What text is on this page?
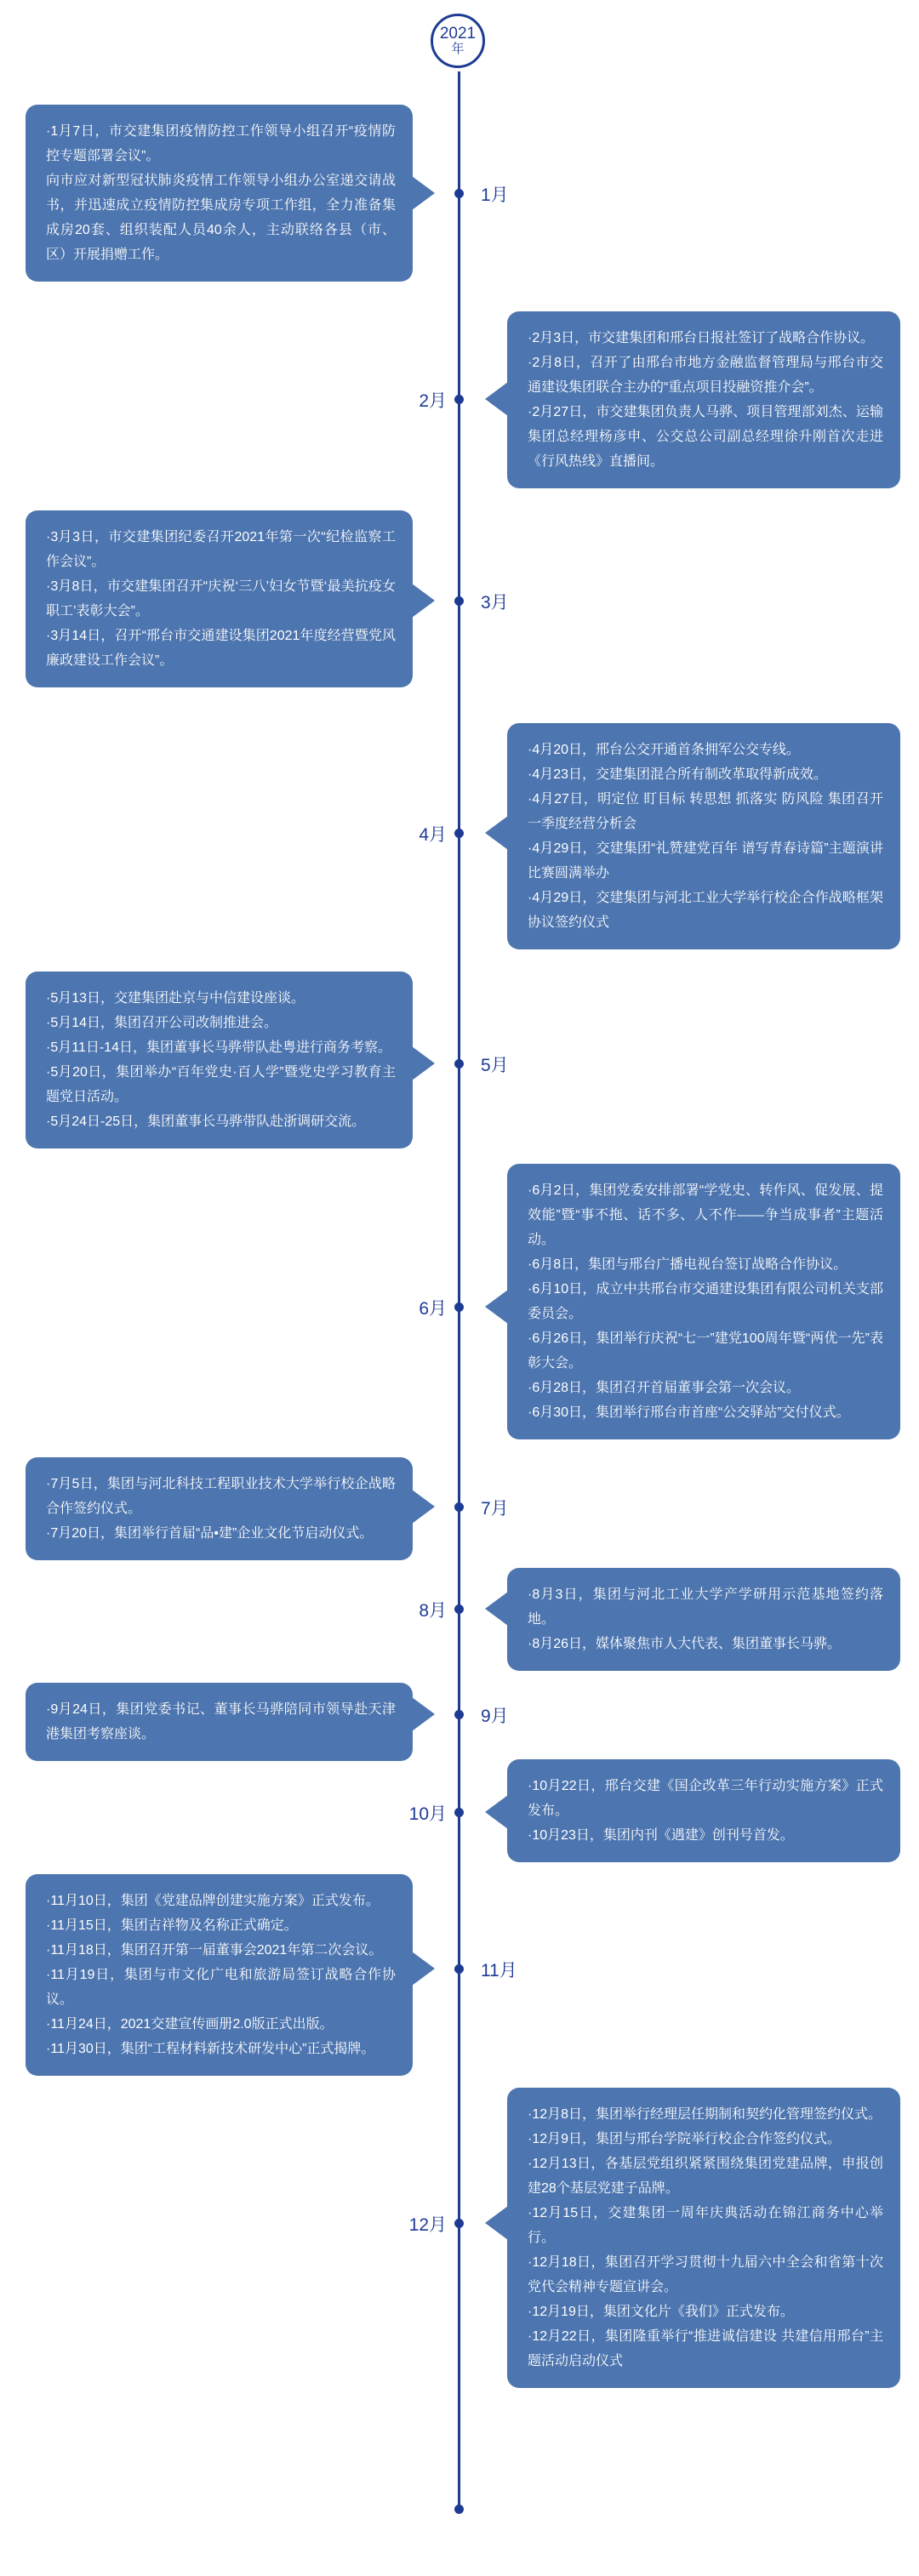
2021
年
1月

·1月7日，市交建集团疫情防控工作领导小组召开“疫情防控专题部署会议”。

向市应对新型冠状肺炎疫情工作领导小组办公室递交请战书，并迅速成立疫情防控集成房专项工作组，全力准备集成房20套、组织装配人员40余人，主动联络各县（市、区）开展捐赠工作。

2月

·2月3日，市交建集团和邢台日报社签订了战略合作协议。

·2月8日，召开了由邢台市地方金融监督管理局与邢台市交通建设集团联合主办的“重点项目投融资推介会”。

·2月27日，市交建集团负责人马骅、项目管理部刘杰、运输集团总经理杨彦申、公交总公司副总经理徐升刚首次走进《行风热线》直播间。

3月

·3月3日，市交建集团纪委召开2021年第一次“纪检监察工作会议”。

·3月8日，市交建集团召开“庆祝‘三八’妇女节暨‘最美抗疫女职工’表彰大会”。

·3月14日，召开“邢台市交通建设集团2021年度经营暨党风廉政建设工作会议”。

4月

·4月20日，邢台公交开通首条拥军公交专线。

·4月23日，交建集团混合所有制改革取得新成效。

·4月27日，明定位 盯目标 转思想 抓落实 防风险 集团召开一季度经营分析会

·4月29日，交建集团“礼赞建党百年 谱写青春诗篇”主题演讲比赛圆满举办

·4月29日，交建集团与河北工业大学举行校企合作战略框架协议签约仪式

5月

·5月13日，交建集团赴京与中信建设座谈。

·5月14日，集团召开公司改制推进会。

·5月11日-14日，集团董事长马骅带队赴粤进行商务考察。

·5月20日，集团举办“百年党史·百人学”暨党史学习教育主题党日活动。

·5月24日-25日，集团董事长马骅带队赴浙调研交流。

6月

·6月2日，集团党委安排部署“学党史、转作风、促发展、提效能”暨“事不拖、话不多、人不作——争当成事者”主题活动。

·6月8日，集团与邢台广播电视台签订战略合作协议。

·6月10日，成立中共邢台市交通建设集团有限公司机关支部委员会。

·6月26日，集团举行庆祝“七一”建党100周年暨“两优一先”表彰大会。

·6月28日，集团召开首届董事会第一次会议。

·6月30日，集团举行邢台市首座“公交驿站”交付仪式。

7月

·7月5日，集团与河北科技工程职业技术大学举行校企战略合作签约仪式。

·7月20日，集团举行首届“品•建”企业文化节启动仪式。

8月

·8月3日，集团与河北工业大学产学研用示范基地签约落地。

·8月26日，媒体聚焦市人大代表、集团董事长马骅。

9月

·9月24日，集团党委书记、董事长马骅陪同市领导赴天津港集团考察座谈。

10月

·10月22日，邢台交建《国企改革三年行动实施方案》正式发布。

·10月23日，集团内刊《遇建》创刊号首发。

11月

·11月10日，集团《党建品牌创建实施方案》正式发布。

·11月15日，集团吉祥物及名称正式确定。

·11月18日，集团召开第一届董事会2021年第二次会议。

·11月19日，集团与市文化广电和旅游局签订战略合作协议。

·11月24日，2021交建宣传画册2.0版正式出版。

·11月30日，集团“工程材料新技术研发中心”正式揭牌。

12月

·12月8日，集团举行经理层任期制和契约化管理签约仪式。

·12月9日，集团与邢台学院举行校企合作签约仪式。

·12月13日，各基层党组织紧紧围绕集团党建品牌，申报创建28个基层党建子品牌。

·12月15日，交建集团一周年庆典活动在锦江商务中心举行。

·12月18日，集团召开学习贯彻十九届六中全会和省第十次党代会精神专题宣讲会。

·12月19日，集团文化片《我们》正式发布。

·12月22日，集团隆重举行“推进诚信建设 共建信用邢台”主题活动启动仪式
